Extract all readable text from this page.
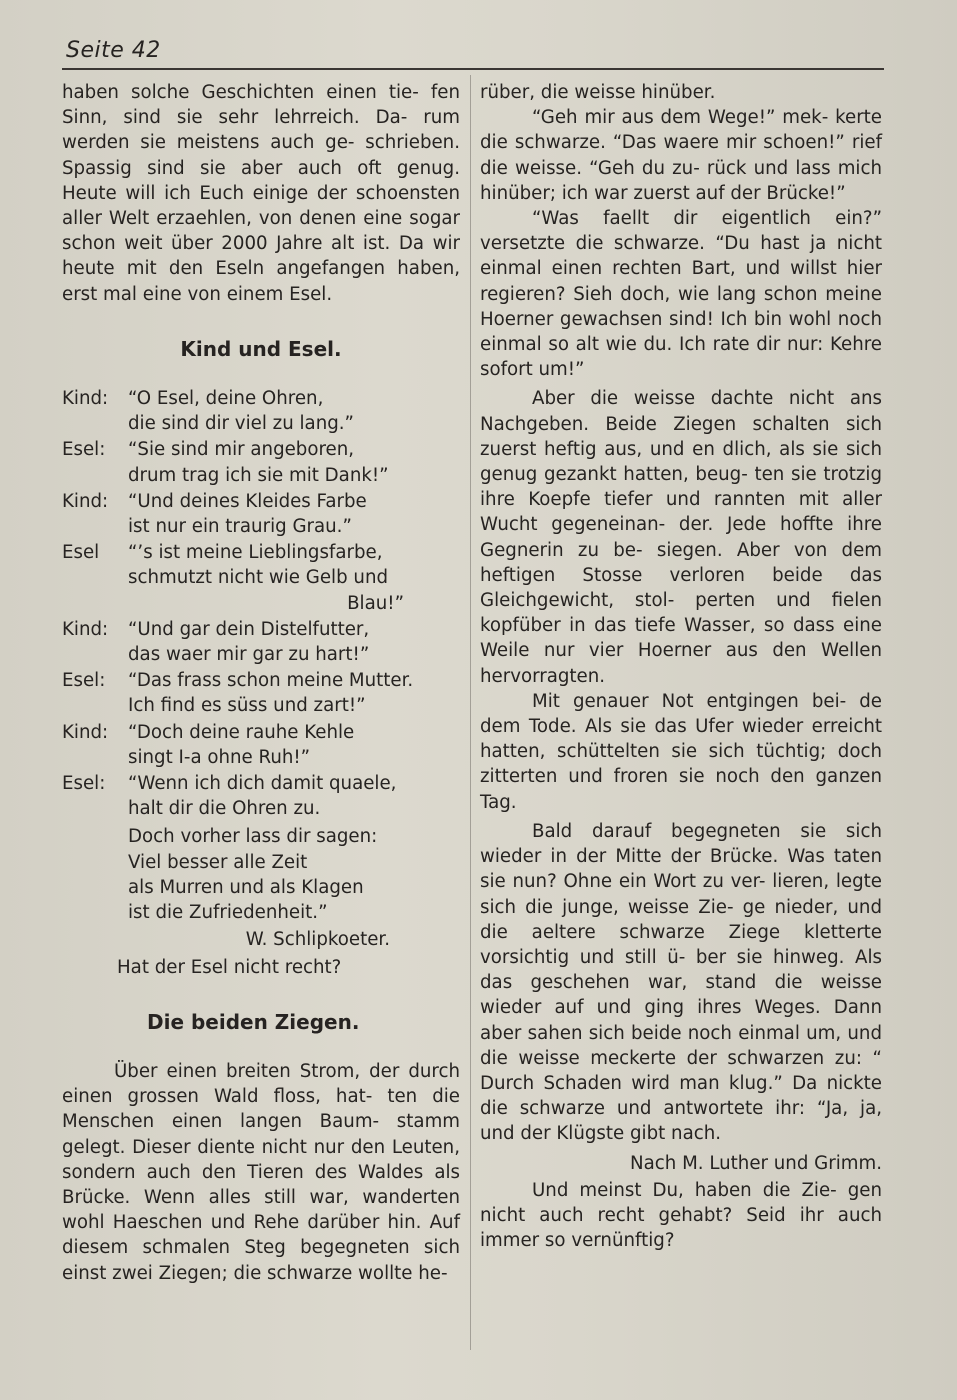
Seite 42

haben solche Geschichten einen tie- fen Sinn, sind sie sehr lehrreich. Da- rum werden sie meistens auch ge- schrieben. Spassig sind sie aber auch oft genug. Heute will ich Euch einige der schoensten aller Welt erzaehlen, von denen eine sogar schon weit über 2000 Jahre alt ist. Da wir heute mit den Eseln angefangen haben, erst mal eine von einem Esel.

Kind und Esel.
Kind:	“O Esel, deine Ohren,
die sind dir viel zu lang.”
Esel:	“Sie sind mir angeboren,
drum trag ich sie mit Dank!”
Kind:	“Und deines Kleides Farbe
ist nur ein traurig Grau.”
Esel	“’s ist meine Lieblingsfarbe,
schmutzt nicht wie Gelb und
Blau!”
Kind:	“Und gar dein Distelfutter,
das waer mir gar zu hart!”
Esel:	“Das frass schon meine Mutter.
Ich find es süss und zart!”
Kind:	“Doch deine rauhe Kehle
singt I-a ohne Ruh!”
Esel:	“Wenn ich dich damit quaele,
halt dir die Ohren zu.
Doch vorher lass dir sagen:
Viel besser alle Zeit
als Murren und als Klagen
ist die Zufriedenheit.”
W. Schlipkoeter.
Hat der Esel nicht recht?
Die beiden Ziegen.

Über einen breiten Strom, der durch einen grossen Wald floss, hat- ten die Menschen einen langen Baum- stamm gelegt. Dieser diente nicht nur den Leuten, sondern auch den Tieren des Waldes als Brücke. Wenn alles still war, wanderten wohl Haeschen und Rehe darüber hin. Auf diesem schmalen Steg begegneten sich einst zwei Ziegen; die schwarze wollte he-

rüber, die weisse hinüber.

“Geh mir aus dem Wege!” mek- kerte die schwarze. “Das waere mir schoen!” rief die weisse. “Geh du zu- rück und lass mich hinüber; ich war zuerst auf der Brücke!”

“Was faellt dir eigentlich ein?” versetzte die schwarze. “Du hast ja nicht einmal einen rechten Bart, und willst hier regieren? Sieh doch, wie lang schon meine Hoerner gewachsen sind! Ich bin wohl noch einmal so alt wie du. Ich rate dir nur: Kehre sofort um!”

Aber die weisse dachte nicht ans Nachgeben. Beide Ziegen schalten sich zuerst heftig aus, und en dlich, als sie sich genug gezankt hatten, beug- ten sie trotzig ihre Koepfe tiefer und rannten mit aller Wucht gegeneinan- der. Jede hoffte ihre Gegnerin zu be- siegen. Aber von dem heftigen Stosse verloren beide das Gleichgewicht, stol- perten und fielen kopfüber in das tiefe Wasser, so dass eine Weile nur vier Hoerner aus den Wellen hervorragten.

Mit genauer Not entgingen bei- de dem Tode. Als sie das Ufer wieder erreicht hatten, schüttelten sie sich tüchtig; doch zitterten und froren sie noch den ganzen Tag.

Bald darauf begegneten sie sich wieder in der Mitte der Brücke. Was taten sie nun? Ohne ein Wort zu ver- lieren, legte sich die junge, weisse Zie- ge nieder, und die aeltere schwarze Ziege kletterte vorsichtig und still ü- ber sie hinweg. Als das geschehen war, stand die weisse wieder auf und ging ihres Weges. Dann aber sahen sich beide noch einmal um, und die weisse meckerte der schwarzen zu: “ Durch Schaden wird man klug.” Da nickte die schwarze und antwortete ihr: “Ja, ja, und der Klügste gibt nach.

Nach M. Luther und Grimm.

Und meinst Du, haben die Zie- gen nicht auch recht gehabt? Seid ihr auch immer so vernünftig?
